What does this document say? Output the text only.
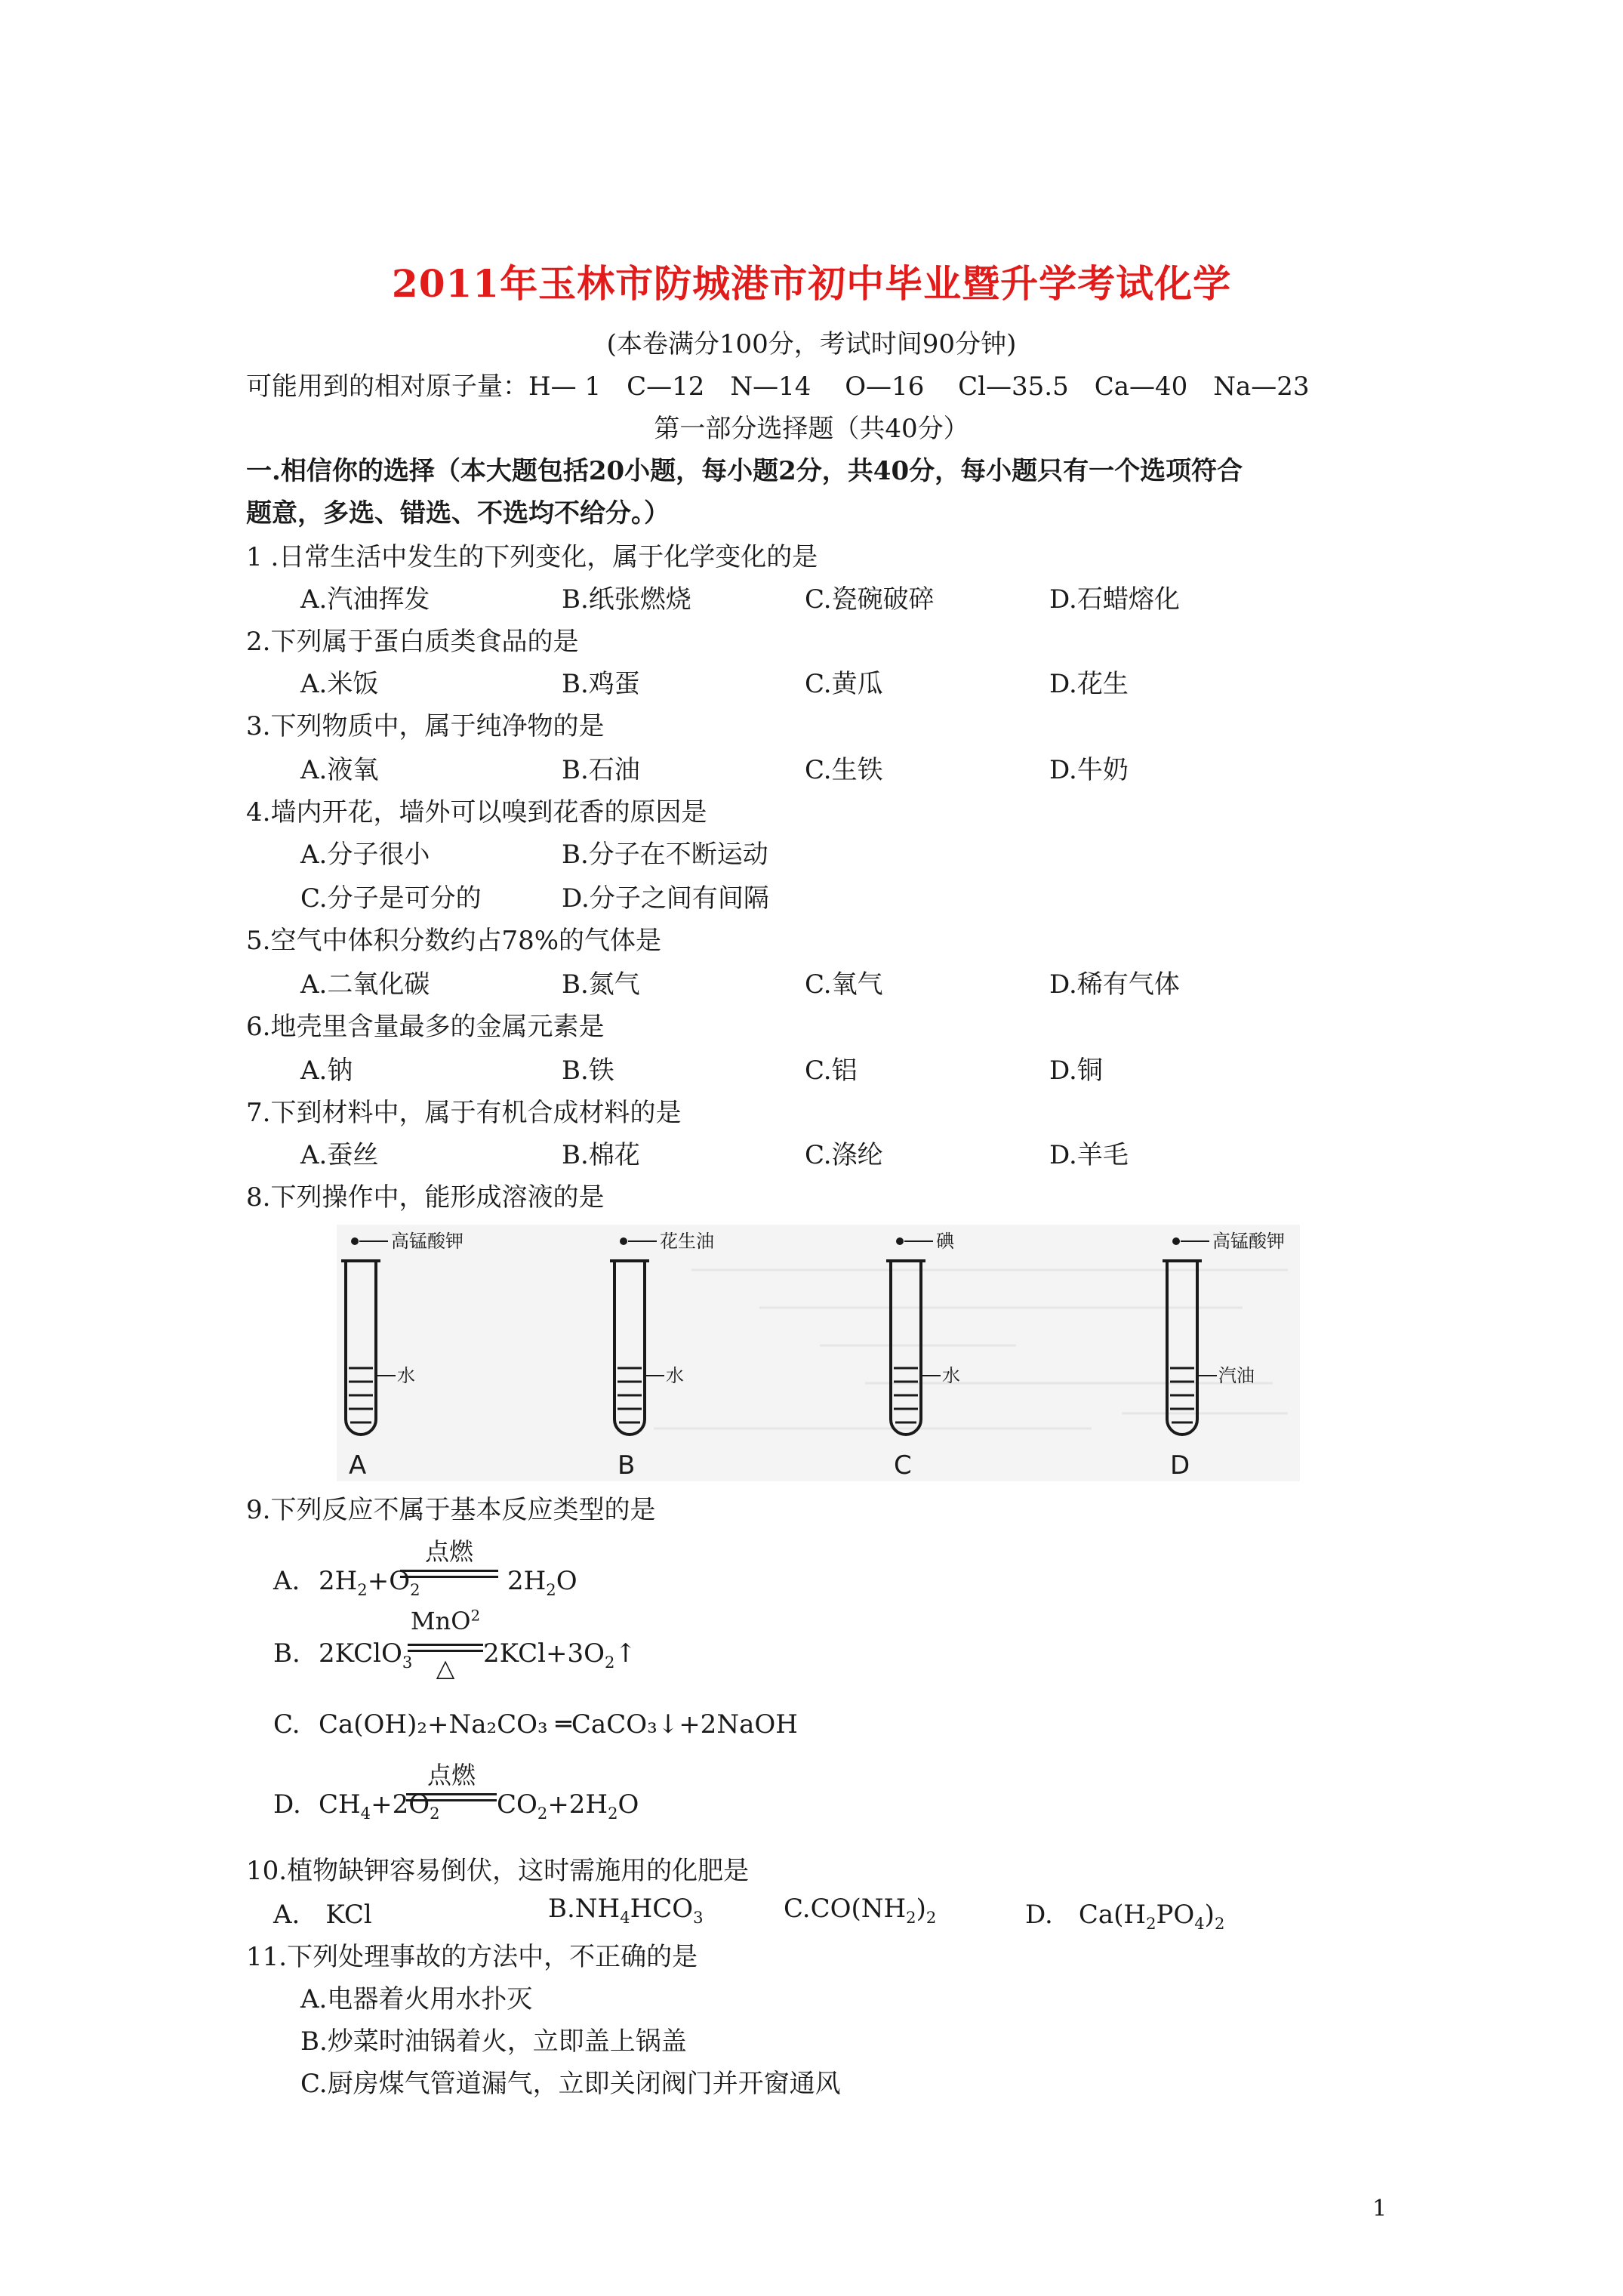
2011年玉林市防城港市初中毕业暨升学考试化学
(本卷满分100分，考试时间90分钟)
可能用到的相对原子量：H— 1　C—12　N—14　 O—16　 Cl—35.5　Ca—40　Na—23
第一部分选择题（共40分）
一.相信你的选择（本大题包括20小题，每小题2分，共40分，每小题只有一个选项符合
题意，多选、错选、不选均不给分。）
1 .日常生活中发生的下列变化，属于化学变化的是
A.汽油挥发	B.纸张燃烧	C.瓷碗破碎	D.石蜡熔化
2.下列属于蛋白质类食品的是
A.米饭	B.鸡蛋	C.黄瓜	D.花生
3.下列物质中，属于纯净物的是
A.液氧	B.石油	C.生铁	D.牛奶
4.墙内开花，墙外可以嗅到花香的原因是
A.分子很小	B.分子在不断运动
C.分子是可分的	D.分子之间有间隔
5.空气中体积分数约占78%的气体是
A.二氧化碳	B.氮气	C.氧气	D.稀有气体
6.地壳里含量最多的金属元素是
A.钠	B.铁	C.铝	D.铜
7.下到材料中，属于有机合成材料的是
A.蚕丝	B.棉花	C.涤纶	D.羊毛
8.下列操作中，能形成溶液的是
高锰酸钾
水
A
花生油
水
B
碘
水
C
高锰酸钾
汽油
D
9.下列反应不属于基本反应类型的是
A. $2H_2+O_2$
点燃
$2H_2O$
B. 2KClO$_3$
MnO$^2$
△	$2KCl+3O_2↑$
C. Ca(OH)₂+Na₂CO₃ ═CaCO₃↓+2NaOH
D. $CH_4+2O_2$
点燃
$CO_2+2H_2O$
10.植物缺钾容易倒伏，这时需施用的化肥是
A.　KCl	$B.NH_4HCO_3$	$C.CO(NH_2)_2$	D.　$Ca(H_2PO_4)_2$
11.下列处理事故的方法中，不正确的是
A.电器着火用水扑灭
B.炒菜时油锅着火，立即盖上锅盖
C.厨房煤气管道漏气，立即关闭阀门并开窗通风
1
